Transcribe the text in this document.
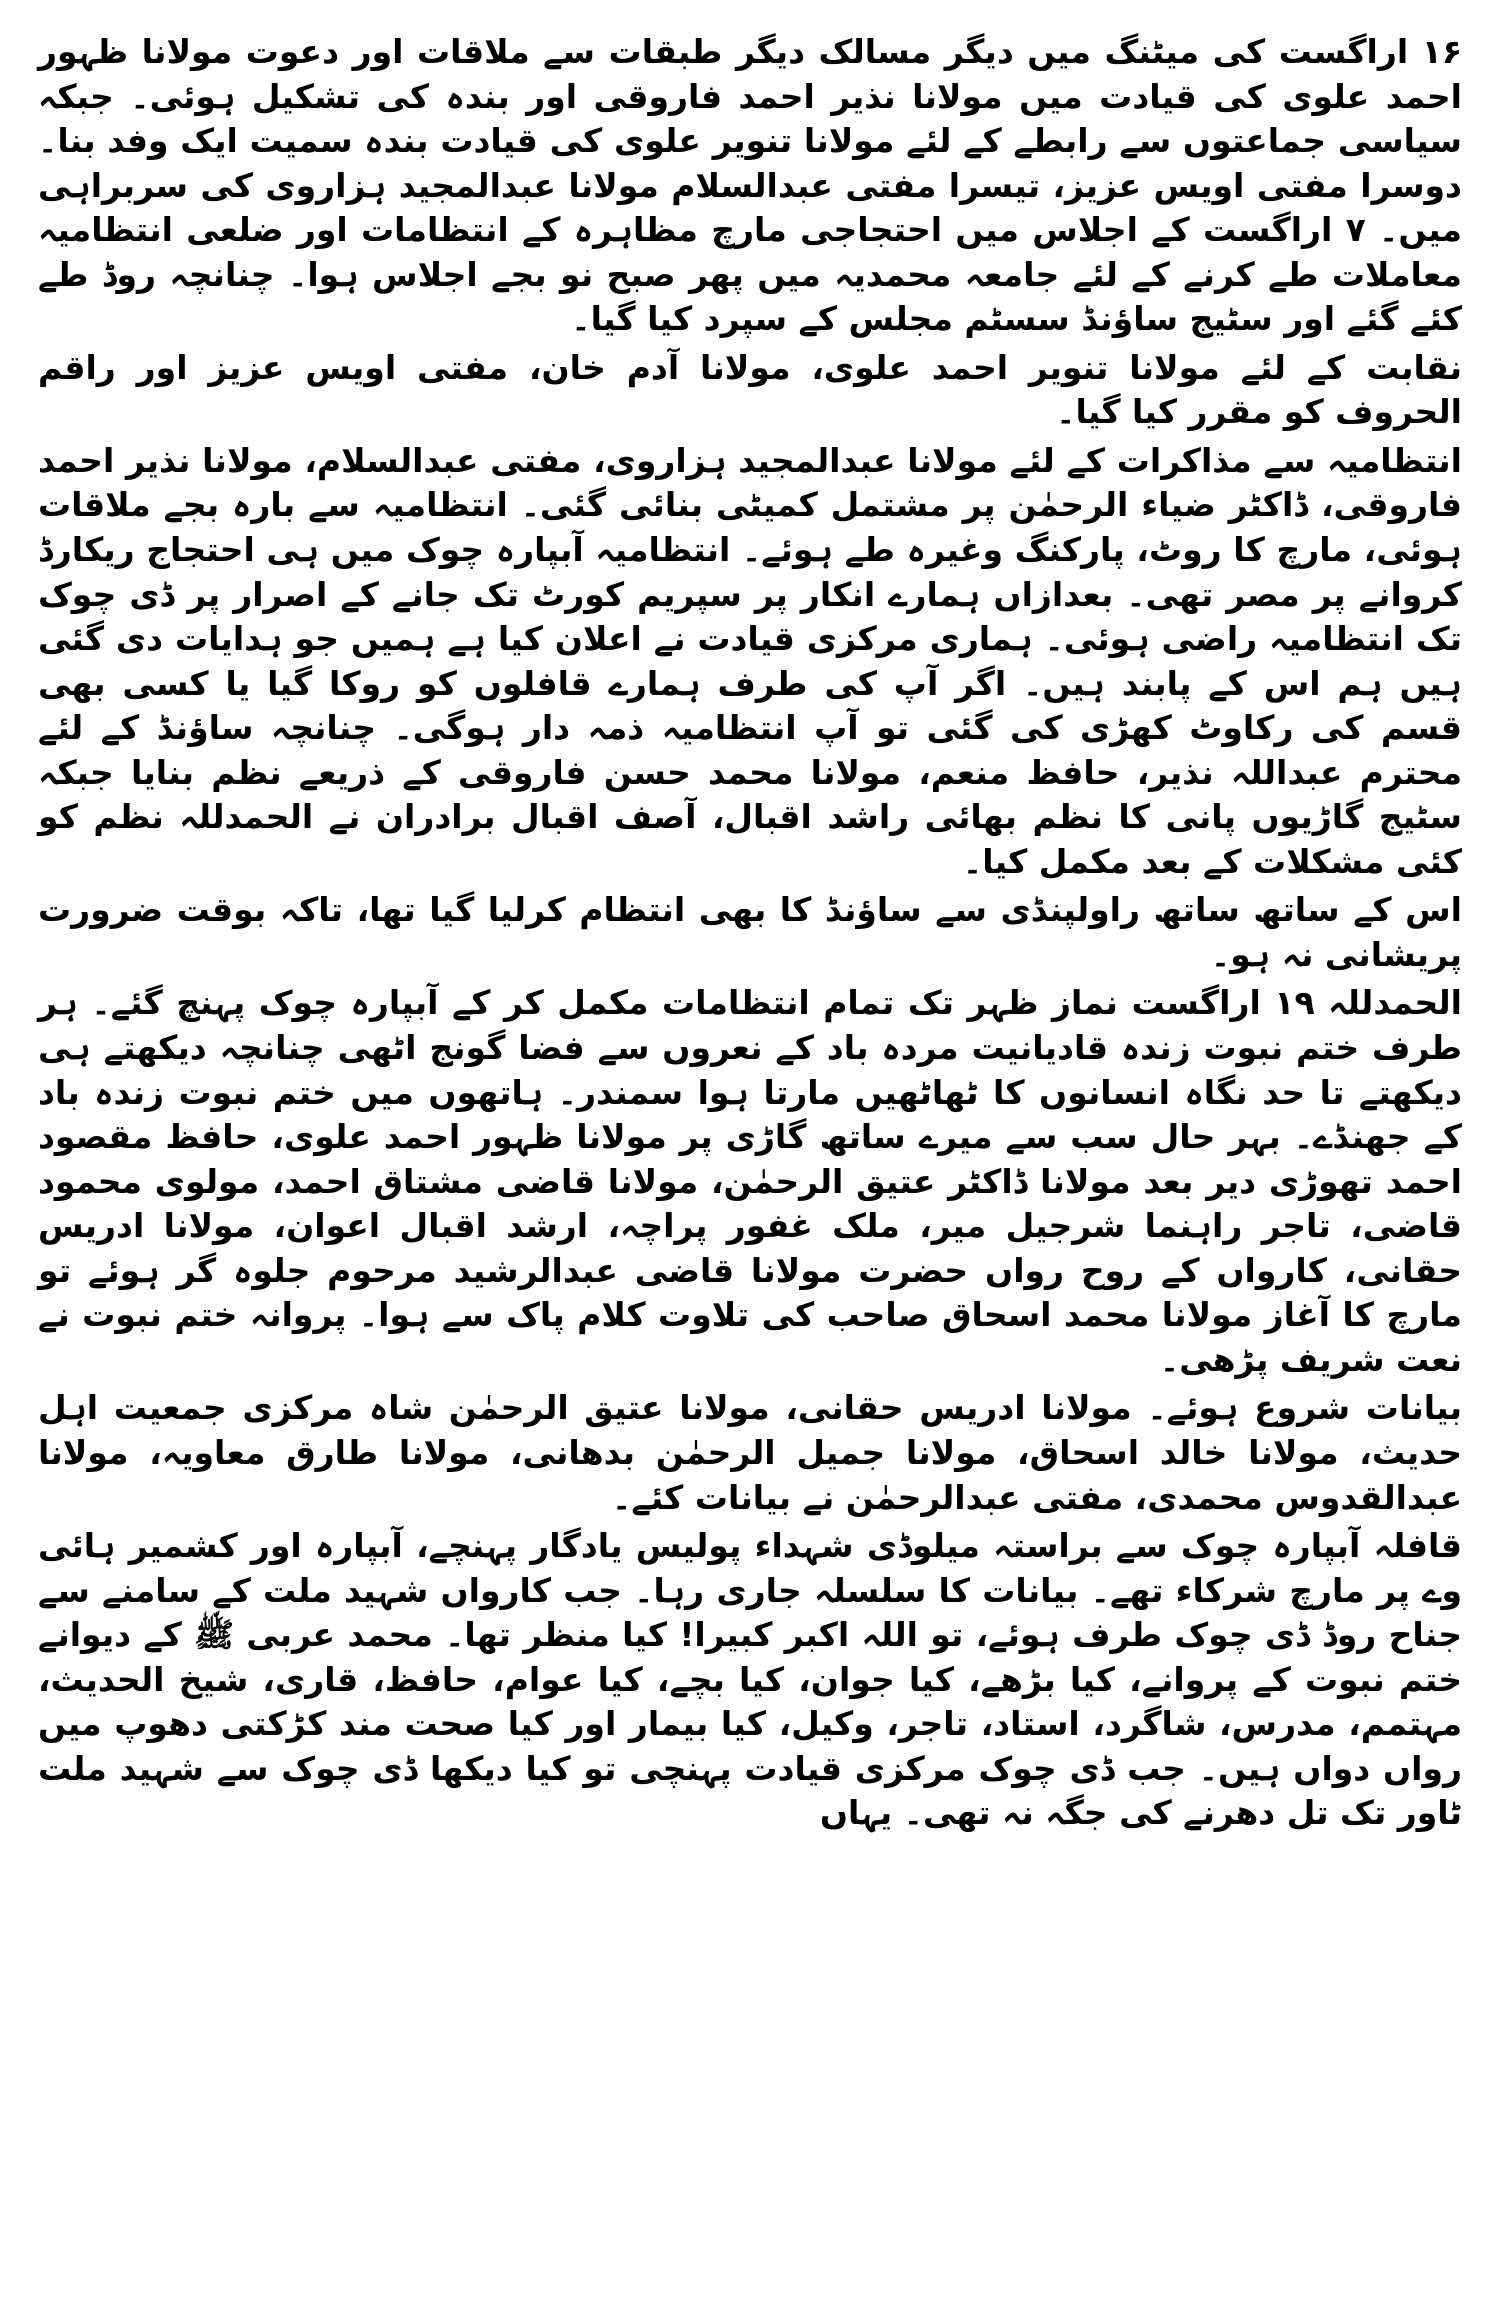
۱۶ اراگست کی میٹنگ میں دیگر مسالک دیگر طبقات سے ملاقات اور دعوت مولانا ظہور احمد علوی کی قیادت میں مولانا نذیر احمد فاروقی اور بندہ کی تشکیل ہوئی۔ جبکہ سیاسی جماعتوں سے رابطے کے لئے مولانا تنویر علوی کی قیادت بندہ سمیت ایک وفد بنا۔ دوسرا مفتی اویس عزیز، تیسرا مفتی عبدالسلام مولانا عبدالمجید ہزاروی کی سربراہی میں۔ ۷ اراگست کے اجلاس میں احتجاجی مارچ مظاہرہ کے انتظامات اور ضلعی انتظامیہ معاملات طے کرنے کے لئے جامعہ محمدیہ میں پھر صبح نو بجے اجلاس ہوا۔ چنانچہ روڈ طے کئے گئے اور سٹیج ساؤنڈ سسٹم مجلس کے سپرد کیا گیا۔

نقابت کے لئے مولانا تنویر احمد علوی، مولانا آدم خان، مفتی اویس عزیز اور راقم الحروف کو مقرر کیا گیا۔

انتظامیہ سے مذاکرات کے لئے مولانا عبدالمجید ہزاروی، مفتی عبدالسلام، مولانا نذیر احمد فاروقی، ڈاکٹر ضیاء الرحمٰن پر مشتمل کمیٹی بنائی گئی۔ انتظامیہ سے بارہ بجے ملاقات ہوئی، مارچ کا روٹ، پارکنگ وغیرہ طے ہوئے۔ انتظامیہ آبپارہ چوک میں ہی احتجاج ریکارڈ کروانے پر مصر تھی۔ بعدازاں ہمارے انکار پر سپریم کورٹ تک جانے کے اصرار پر ڈی چوک تک انتظامیہ راضی ہوئی۔ ہماری مرکزی قیادت نے اعلان کیا ہے ہمیں جو ہدایات دی گئی ہیں ہم اس کے پابند ہیں۔ اگر آپ کی طرف ہمارے قافلوں کو روکا گیا یا کسی بھی قسم کی رکاوٹ کھڑی کی گئی تو آپ انتظامیہ ذمہ دار ہوگی۔ چنانچہ ساؤنڈ کے لئے محترم عبداللہ نذیر، حافظ منعم، مولانا محمد حسن فاروقی کے ذریعے نظم بنایا جبکہ سٹیج گاڑیوں پانی کا نظم بھائی راشد اقبال، آصف اقبال برادران نے الحمدللہ نظم کو کئی مشکلات کے بعد مکمل کیا۔

اس کے ساتھ ساتھ راولپنڈی سے ساؤنڈ کا بھی انتظام کرلیا گیا تھا، تاکہ بوقت ضرورت پریشانی نہ ہو۔

الحمدللہ ۱۹ اراگست نماز ظہر تک تمام انتظامات مکمل کر کے آبپارہ چوک پہنچ گئے۔ ہر طرف ختم نبوت زندہ قادیانیت مردہ باد کے نعروں سے فضا گونج اٹھی چنانچہ دیکھتے ہی دیکھتے تا حد نگاہ انسانوں کا ٹھاٹھیں مارتا ہوا سمندر۔ ہاتھوں میں ختم نبوت زندہ باد کے جھنڈے۔ بہر حال سب سے میرے ساتھ گاڑی پر مولانا ظہور احمد علوی، حافظ مقصود احمد تھوڑی دیر بعد مولانا ڈاکٹر عتیق الرحمٰن، مولانا قاضی مشتاق احمد، مولوی محمود قاضی، تاجر راہنما شرجیل میر، ملک غفور پراچہ، ارشد اقبال اعوان، مولانا ادریس حقانی، کارواں کے روح رواں حضرت مولانا قاضی عبدالرشید مرحوم جلوہ گر ہوئے تو مارچ کا آغاز مولانا محمد اسحاق صاحب کی تلاوت کلام پاک سے ہوا۔ پروانہ ختم نبوت نے نعت شریف پڑھی۔

بیانات شروع ہوئے۔ مولانا ادریس حقانی، مولانا عتیق الرحمٰن شاہ مرکزی جمعیت اہل حدیث، مولانا خالد اسحاق، مولانا جمیل الرحمٰن بدھانی، مولانا طارق معاویہ، مولانا عبدالقدوس محمدی، مفتی عبدالرحمٰن نے بیانات کئے۔

قافلہ آبپارہ چوک سے براستہ میلوڈی شہداء پولیس یادگار پہنچے، آبپارہ اور کشمیر ہائی وے پر مارچ شرکاء تھے۔ بیانات کا سلسلہ جاری رہا۔ جب کارواں شہید ملت کے سامنے سے جناح روڈ ڈی چوک طرف ہوئے، تو اللہ اکبر کبیرا! کیا منظر تھا۔ محمد عربی ﷺ کے دیوانے ختم نبوت کے پروانے، کیا بڑھے، کیا جوان، کیا بچے، کیا عوام، حافظ، قاری، شیخ الحدیث، مہتمم، مدرس، شاگرد، استاد، تاجر، وکیل، کیا بیمار اور کیا صحت مند کڑکتی دھوپ میں رواں دواں ہیں۔ جب ڈی چوک مرکزی قیادت پہنچی تو کیا دیکھا ڈی چوک سے شہید ملت ٹاور تک تل دھرنے کی جگہ نہ تھی۔ یہاں
